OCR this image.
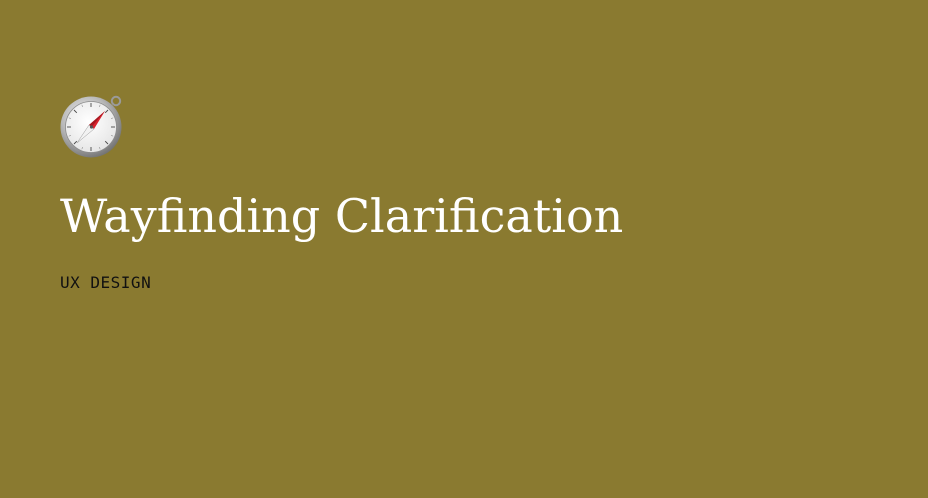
Wayfinding Clarification
UX DESIGN
